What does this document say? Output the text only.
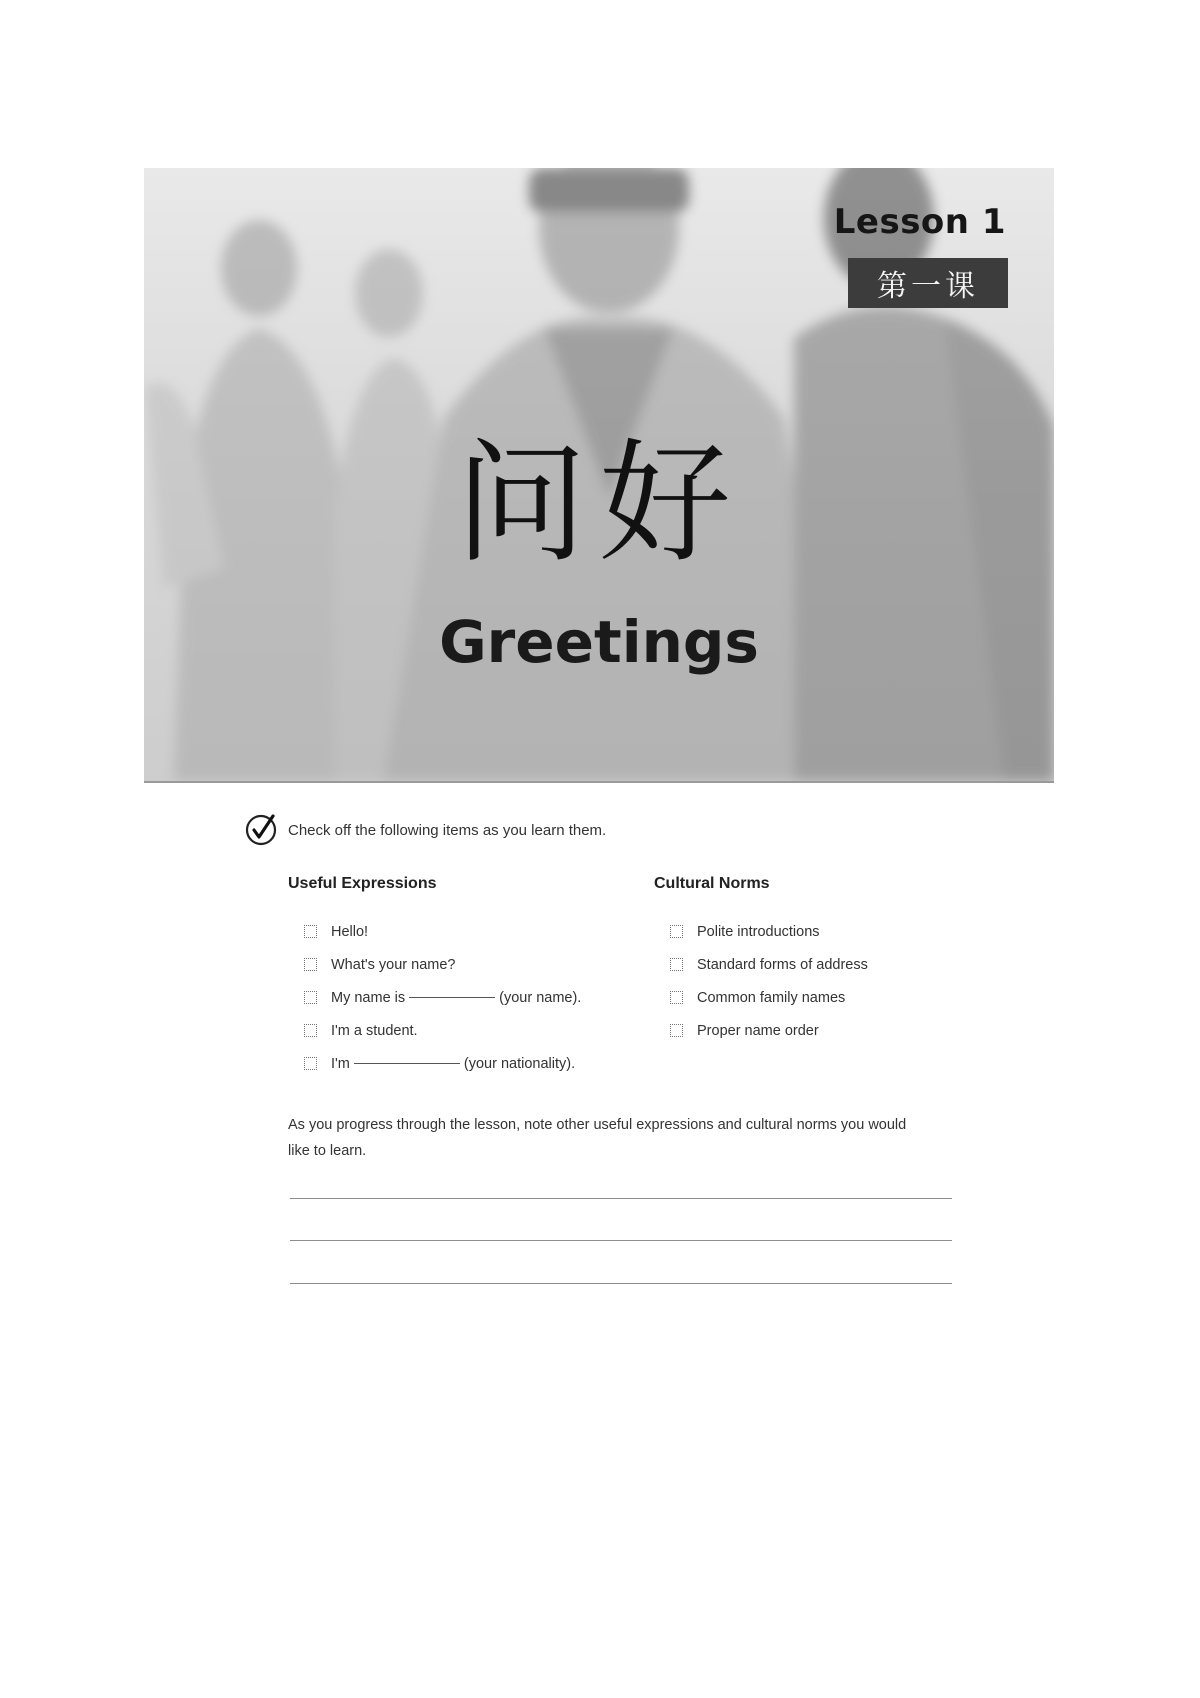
Lesson 1
第一课
问好
Greetings
Check off the following items as you learn them.
Useful Expressions
Hello!
What's your name?
My name is	(your name).
I'm a student.
I'm	(your nationality).
Cultural Norms
Polite introductions
Standard forms of address
Common family names
Proper name order
As you progress through the lesson, note other useful expressions and cultural norms you would like to learn.
